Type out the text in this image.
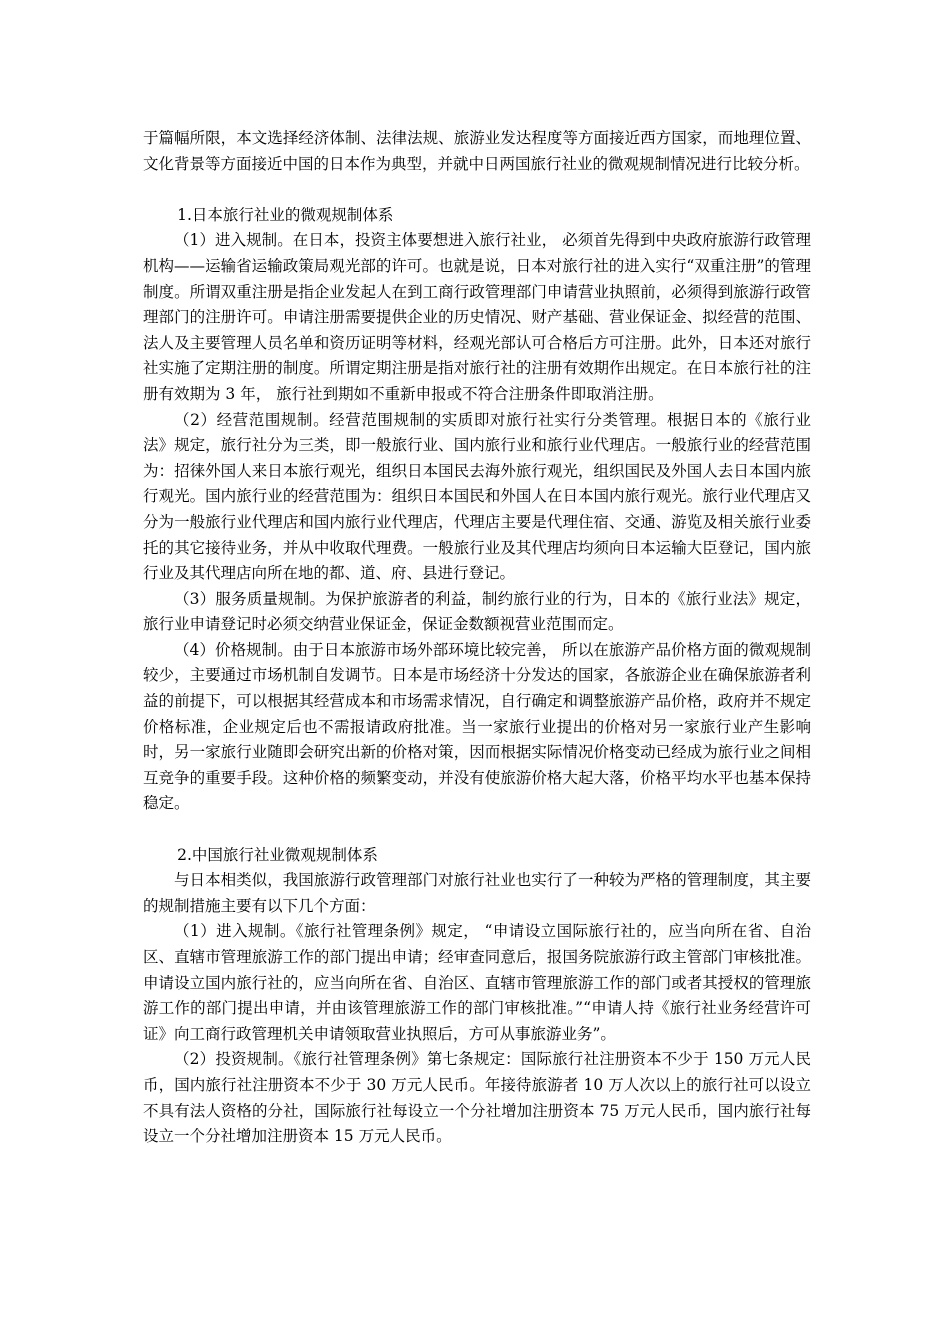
于篇幅所限，本文选择经济体制、法律法规、旅游业发达程度等方面接近西方国家，而地理位置、文化背景等方面接近中国的日本作为典型，并就中日两国旅行社业的微观规制情况进行比较分析。

1.日本旅行社业的微观规制体系

（1）进入规制。在日本，投资主体要想进入旅行社业， 必须首先得到中央政府旅游行政管理机构——运输省运输政策局观光部的许可。也就是说，日本对旅行社的进入实行“双重注册”的管理制度。所谓双重注册是指企业发起人在到工商行政管理部门申请营业执照前，必须得到旅游行政管理部门的注册许可。申请注册需要提供企业的历史情况、财产基础、营业保证金、拟经营的范围、法人及主要管理人员名单和资历证明等材料，经观光部认可合格后方可注册。此外，日本还对旅行社实施了定期注册的制度。所谓定期注册是指对旅行社的注册有效期作出规定。在日本旅行社的注册有效期为 3 年， 旅行社到期如不重新申报或不符合注册条件即取消注册。

（2）经营范围规制。经营范围规制的实质即对旅行社实行分类管理。根据日本的《旅行业法》规定，旅行社分为三类，即一般旅行业、国内旅行业和旅行业代理店。一般旅行业的经营范围为：招徕外国人来日本旅行观光，组织日本国民去海外旅行观光，组织国民及外国人去日本国内旅行观光。国内旅行业的经营范围为：组织日本国民和外国人在日本国内旅行观光。旅行业代理店又分为一般旅行业代理店和国内旅行业代理店，代理店主要是代理住宿、交通、游览及相关旅行业委托的其它接待业务，并从中收取代理费。一般旅行业及其代理店均须向日本运输大臣登记，国内旅行业及其代理店向所在地的都、道、府、县进行登记。

（3）服务质量规制。为保护旅游者的利益，制约旅行业的行为，日本的《旅行业法》规定，旅行业申请登记时必须交纳营业保证金，保证金数额视营业范围而定。

（4）价格规制。由于日本旅游市场外部环境比较完善， 所以在旅游产品价格方面的微观规制较少，主要通过市场机制自发调节。日本是市场经济十分发达的国家，各旅游企业在确保旅游者利益的前提下，可以根据其经营成本和市场需求情况，自行确定和调整旅游产品价格，政府并不规定价格标准，企业规定后也不需报请政府批准。当一家旅行业提出的价格对另一家旅行业产生影响时，另一家旅行业随即会研究出新的价格对策，因而根据实际情况价格变动已经成为旅行业之间相互竞争的重要手段。这种价格的频繁变动，并没有使旅游价格大起大落，价格平均水平也基本保持稳定。

2.中国旅行社业微观规制体系

与日本相类似，我国旅游行政管理部门对旅行社业也实行了一种较为严格的管理制度，其主要的规制措施主要有以下几个方面：

（1）进入规制。《旅行社管理条例》规定， “申请设立国际旅行社的，应当向所在省、自治区、直辖市管理旅游工作的部门提出申请；经审查同意后，报国务院旅游行政主管部门审核批准。申请设立国内旅行社的，应当向所在省、自治区、直辖市管理旅游工作的部门或者其授权的管理旅游工作的部门提出申请，并由该管理旅游工作的部门审核批准。”“申请人持《旅行社业务经营许可证》向工商行政管理机关申请领取营业执照后，方可从事旅游业务”。

（2）投资规制。《旅行社管理条例》第七条规定：国际旅行社注册资本不少于 150 万元人民币，国内旅行社注册资本不少于 30 万元人民币。年接待旅游者 10 万人次以上的旅行社可以设立不具有法人资格的分社，国际旅行社每设立一个分社增加注册资本 75 万元人民币，国内旅行社每设立一个分社增加注册资本 15 万元人民币。
